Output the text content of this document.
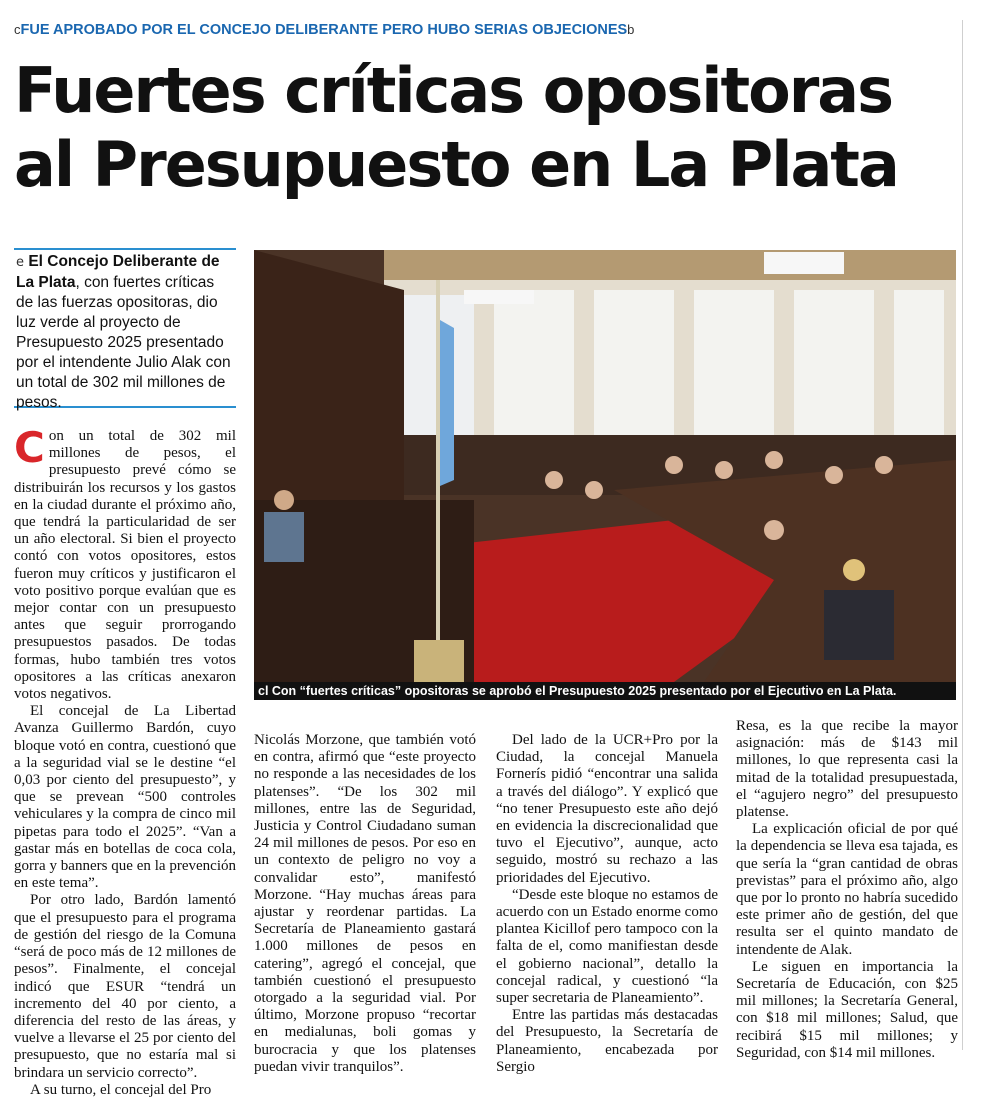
cFUE APROBADO POR EL CONCEJO DELIBERANTE PERO HUBO SERIAS OBJECIONESb
Fuertes críticas opositoras
al Presupuesto en La Plata
e El Concejo Deliberante de La Plata, con fuertes críticas de las fuerzas opositoras, dio luz verde al proyecto de Presupuesto 2025 presentado por el intendente Julio Alak con un total de 302 mil millones de pesos.
cl Con “fuertes críticas” opositoras se aprobó el Presupuesto 2025 presentado por el Ejecutivo en La Plata.

Con un total de 302 mil millones de pesos, el presupuesto prevé cómo se distribuirán los recursos y los gastos en la ciudad durante el próximo año, que tendrá la particularidad de ser un año electoral. Si bien el proyecto contó con votos opositores, estos fueron muy críticos y justificaron el voto positivo porque evalúan que es mejor contar con un presupuesto antes que seguir prorrogando presupuestos pasados. De todas formas, hubo también tres votos opositores a las críticas anexaron votos negativos.

El concejal de La Libertad Avanza Guillermo Bardón, cuyo bloque votó en contra, cuestionó que a la seguridad vial se le destine “el 0,03 por ciento del presupuesto”, y que se prevean “500 controles vehiculares y la compra de cinco mil pipetas para todo el 2025”. “Van a gastar más en botellas de coca cola, gorra y banners que en la prevención en este tema”.

Por otro lado, Bardón lamentó que el presupuesto para el programa de gestión del riesgo de la Comuna “será de poco más de 12 millones de pesos”. Finalmente, el concejal indicó que ESUR “tendrá un incremento del 40 por ciento, a diferencia del resto de las áreas, y vuelve a llevarse el 25 por ciento del presupuesto, que no estaría mal si brindara un servicio correcto”.

A su turno, el concejal del Pro

Nicolás Morzone, que también votó en contra, afirmó que “este proyecto no responde a las necesidades de los platenses”. “De los 302 mil millones, entre las de Seguridad, Justicia y Control Ciudadano suman 24 mil millones de pesos. Por eso en un contexto de peligro no voy a convalidar esto”, manifestó Morzone. “Hay muchas áreas para ajustar y reordenar partidas. La Secretaría de Planeamiento gastará 1.000 millones de pesos en catering”, agregó el concejal, que también cuestionó el presupuesto otorgado a la seguridad vial. Por último, Morzone propuso “recortar en medialunas, boli gomas y burocracia y que los platenses puedan vivir tranquilos”.

Del lado de la UCR+Pro por la Ciudad, la concejal Manuela Fornerís pidió “encontrar una salida a través del diálogo”. Y explicó que “no tener Presupuesto este año dejó en evidencia la discrecionalidad que tuvo el Ejecutivo”, aunque, acto seguido, mostró su rechazo a las prioridades del Ejecutivo.

“Desde este bloque no estamos de acuerdo con un Estado enorme como plantea Kicillof pero tampoco con la falta de el, como manifiestan desde el gobierno nacional”, detallo la concejal radical, y cuestionó “la super secretaria de Planeamiento”.

Entre las partidas más destacadas del Presupuesto, la Secretaría de Planeamiento, encabezada por Sergio

Resa, es la que recibe la mayor asignación: más de $143 mil millones, lo que representa casi la mitad de la totalidad presupuestada, el “agujero negro” del presupuesto platense.

La explicación oficial de por qué la dependencia se lleva esa tajada, es que sería la “gran cantidad de obras previstas” para el próximo año, algo que por lo pronto no habría sucedido este primer año de gestión, del que resulta ser el quinto mandato de intendente de Alak.

Le siguen en importancia la Secretaría de Educación, con $25 mil millones; la Secretaría General, con $18 mil millones; Salud, que recibirá $15 mil millones; y Seguridad, con $14 mil millones.
